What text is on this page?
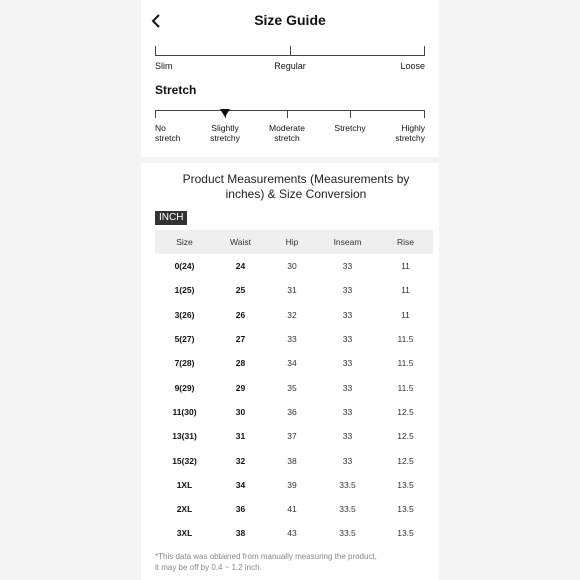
Size Guide
Slim	Regular	Loose
Stretch
No
stretch
Slightly
stretchy
Moderate
stretch
Stretchy	Highly
stretchy
Product Measurements (Measurements by
inches) & Size Conversion
INCH
Size	Waist	Hip	Inseam	Rise
0(24)	24	30	33	11
1(25)	25	31	33	11
3(26)	26	32	33	11
5(27)	27	33	33	11.5
7(28)	28	34	33	11.5
9(29)	29	35	33	11.5
11(30)	30	36	33	12.5
13(31)	31	37	33	12.5
15(32)	32	38	33	12.5
1XL	34	39	33.5	13.5
2XL	36	41	33.5	13.5
3XL	38	43	33.5	13.5
*This data was obtained from manually measuring the product,
it may be off by 0.4 ~ 1.2 inch.
